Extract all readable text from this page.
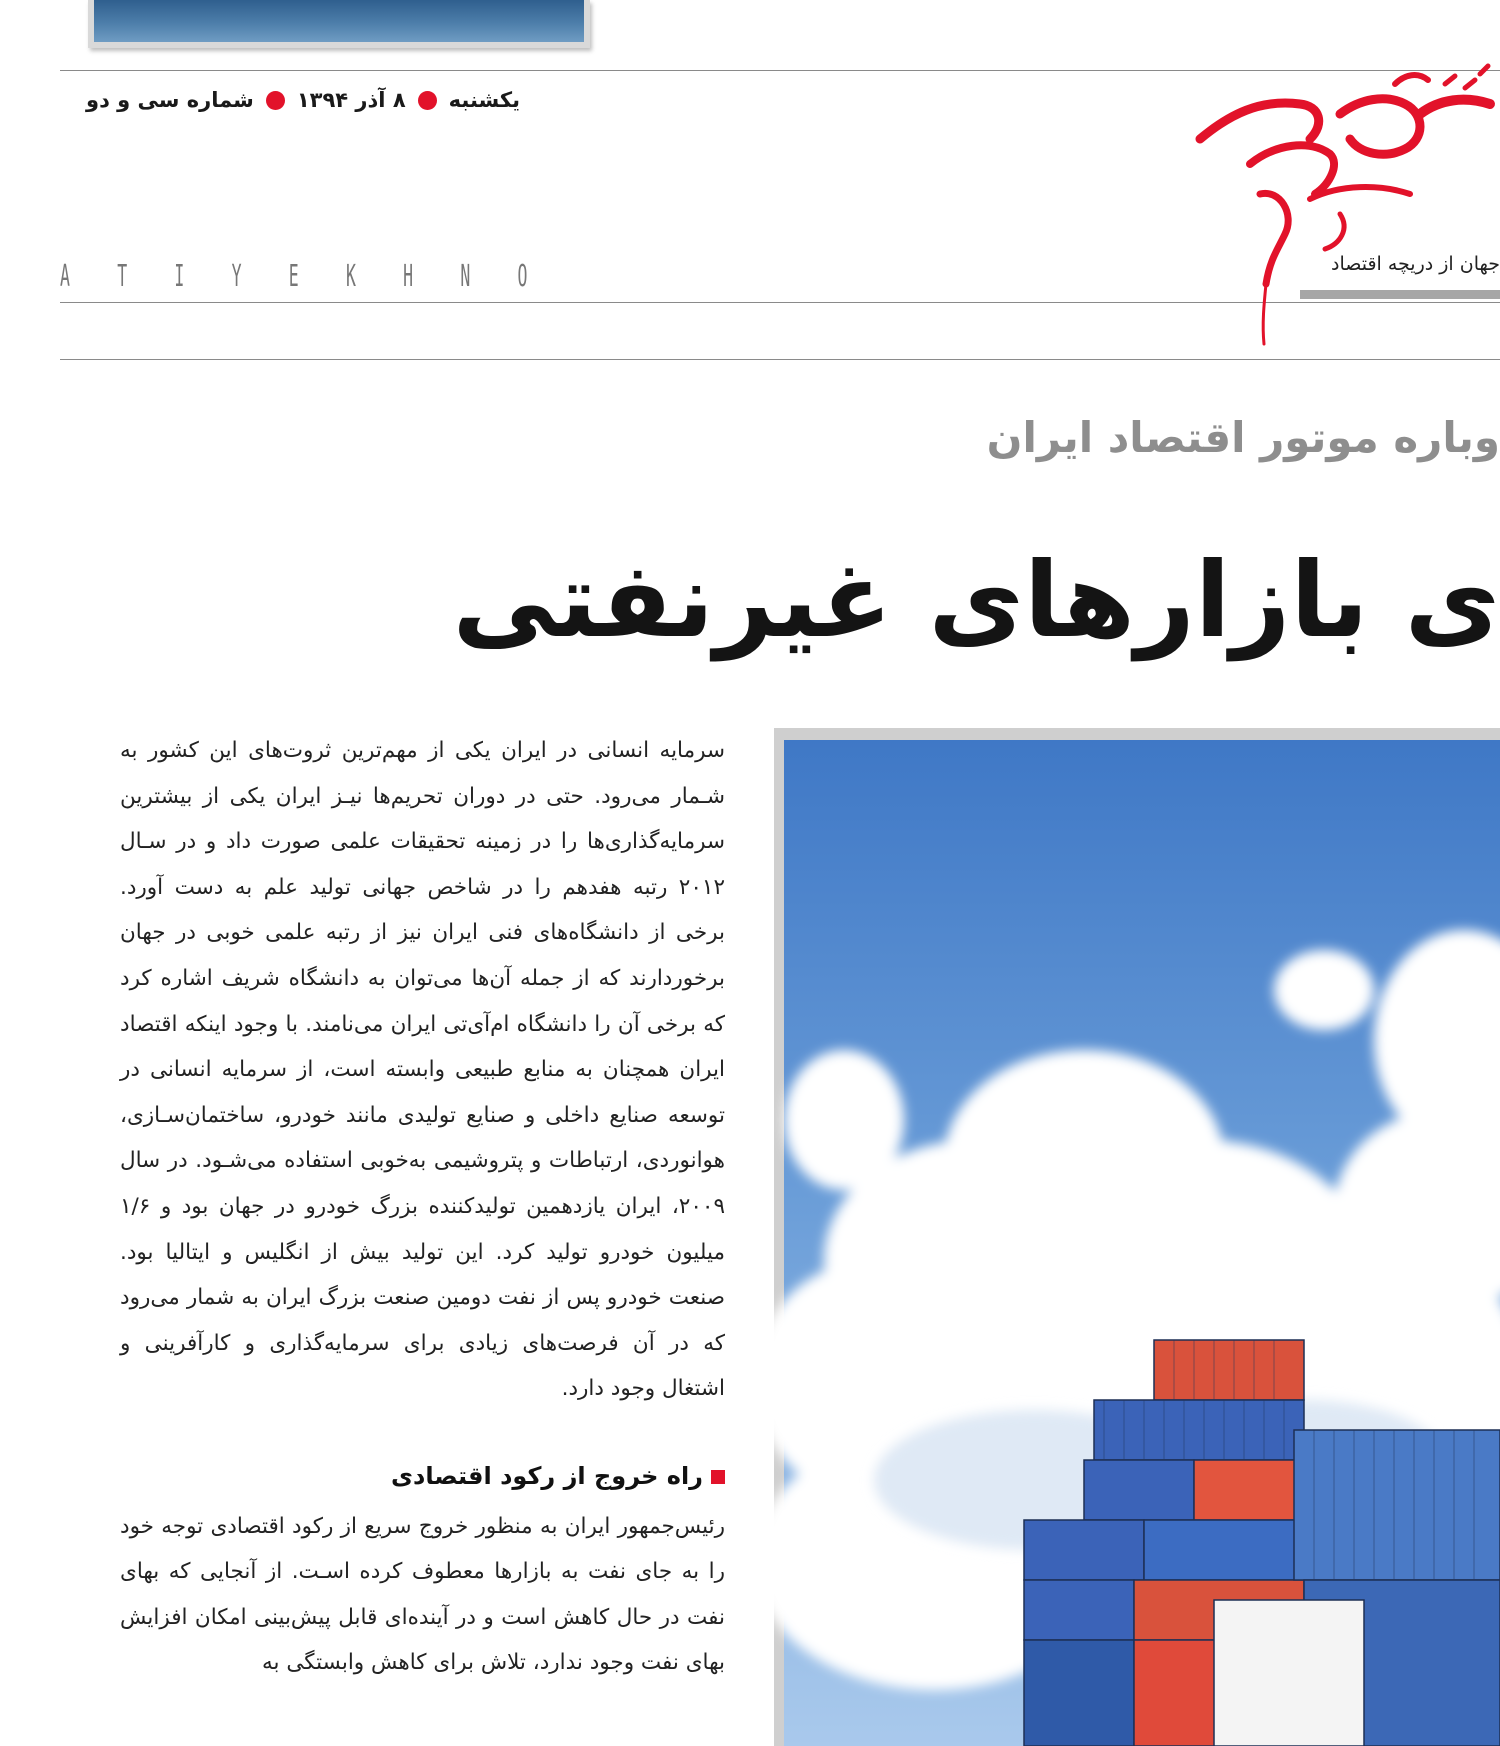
یکشنبه
۸ آذر ۱۳۹۴
شماره سی و دو
A T I Y E K H N O	جهان از دریچه اقتصاد
وباره موتور اقتصاد ایران
ی بازارهای غیرنفتی

سرمایه انسانی در ایران یکی از مهم‌ترین ثروت‌های این کشور به شـمار می‌رود. حتی در دوران تحریم‌ها نیـز ایران یکی از بیشترین سرمایه‌گذاری‌ها را در زمینه تحقیقات علمی صورت داد و در سـال ۲۰۱۲ رتبه هفدهم را در شاخص جهانی تولید علم به دست آورد. برخی از دانشگاه‌های فنی ایران نیز از رتبه علمی خوبی در جهان برخوردارند که از جمله آن‌ها می‌توان به دانشگاه شریف اشاره کرد که برخی آن را دانشگاه ام‌آی‌تی ایران می‌نامند. با وجود اینکه اقتصاد ایران همچنان به منابع طبیعی وابسته است، از سرمایه انسانی در توسعه صنایع داخلی و صنایع تولیدی مانند خودرو، ساختمان‌سـازی، هوانوردی، ارتباطات و پتروشیمی به‌خوبی استفاده می‌شـود. در سال ۲۰۰۹، ایران یازدهمین تولیدکننده بزرگ خودرو در جهان بود و ۱/۶ میلیون خودرو تولید کرد. این تولید بیش از انگلیس و ایتالیا بود. صنعت خودرو پس از نفت دومین صنعت بزرگ ایران به شمار می‌رود که در آن فرصت‌های زیادی برای سرمایه‌گذاری و کارآفرینی و اشتغال وجود دارد.

راه خروج از رکود اقتصادی

رئیس‌جمهور ایران به منظور خروج سریع از رکود اقتصادی توجه خود را به جای نفت به بازارها معطوف کرده اسـت. از آنجایی که بهای نفت در حال کاهش است و در آینده‌ای قابل پیش‌بینی امکان افزایش بهای نفت وجود ندارد، تلاش برای کاهش وابستگی به
